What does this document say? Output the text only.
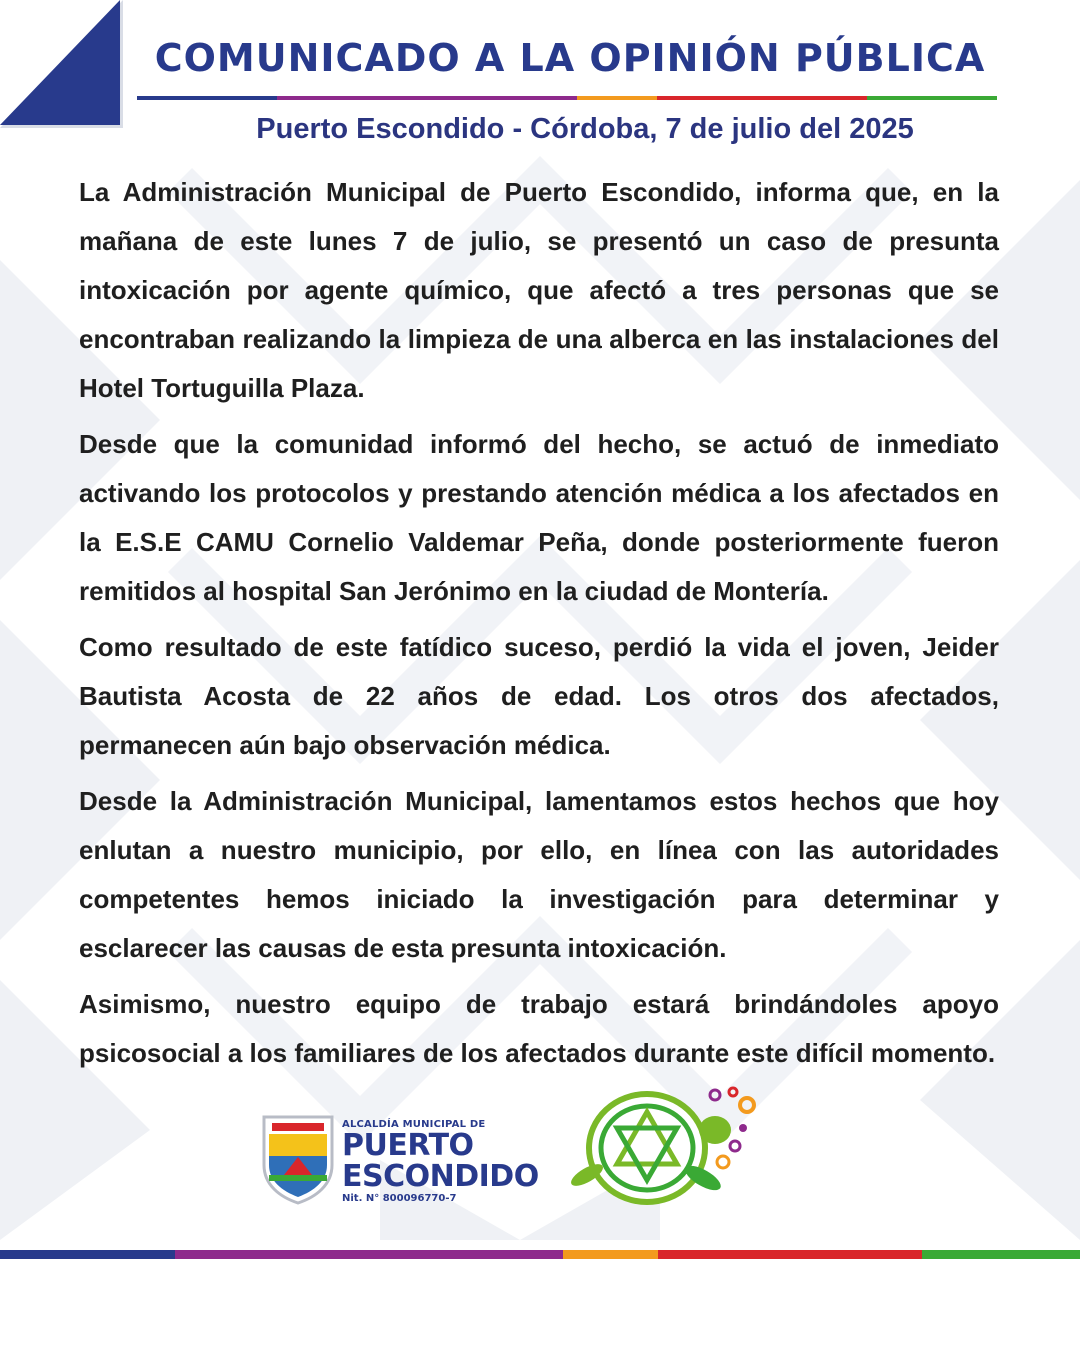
COMUNICADO A LA OPINIÓN PÚBLICA
Puerto Escondido - Córdoba, 7 de julio del 2025

La Administración Municipal de Puerto Escondido, informa que, en la mañana de este lunes 7 de julio, se presentó un caso de presunta intoxicación por agente químico, que afectó a tres personas que se encontraban realizando la limpieza de una alberca en las instalaciones del Hotel Tortuguilla Plaza.

Desde que la comunidad informó del hecho, se actuó de inmediato activando los protocolos y prestando atención médica a los afectados en la E.S.E CAMU Cornelio Valdemar Peña, donde posteriormente fueron remitidos al hospital San Jerónimo en la ciudad de Montería.

Como resultado de este fatídico suceso, perdió la vida el joven, Jeider Bautista Acosta de 22 años de edad. Los otros dos afectados, permanecen aún bajo observación médica.

Desde la Administración Municipal, lamentamos estos hechos que hoy enlutan a nuestro municipio, por ello, en línea con las autoridades competentes hemos iniciado la investigación para determinar y esclarecer las causas de esta presunta intoxicación.

Asimismo, nuestro equipo de trabajo estará brindándoles apoyo psicosocial a los familiares de los afectados durante este difícil momento.

ALCALDÍA MUNICIPAL DE
PUERTO
ESCONDIDO
Nit. N° 800096770-7
